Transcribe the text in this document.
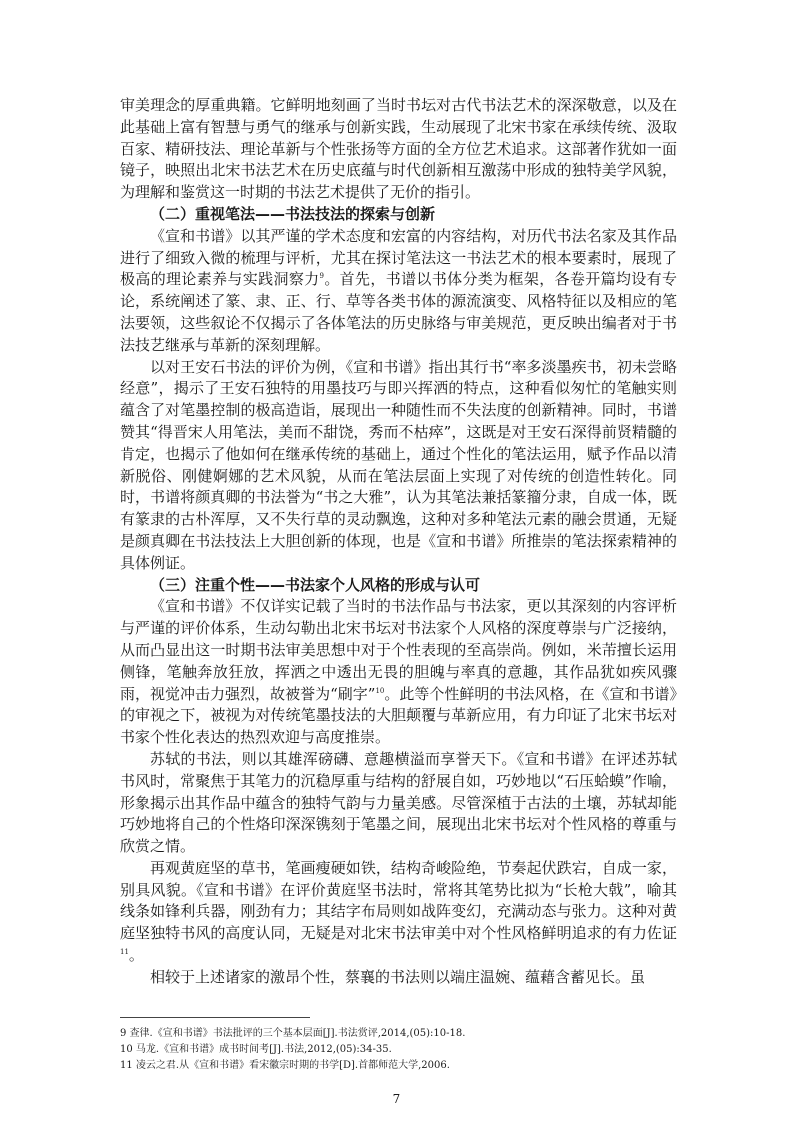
审美理念的厚重典籍。它鲜明地刻画了当时书坛对古代书法艺术的深深敬意，以及在此基础上富有智慧与勇气的继承与创新实践，生动展现了北宋书家在承续传统、汲取百家、精研技法、理论革新与个性张扬等方面的全方位艺术追求。这部著作犹如一面镜子，映照出北宋书法艺术在历史底蕴与时代创新相互激荡中形成的独特美学风貌，为理解和鉴赏这一时期的书法艺术提供了无价的指引。

（二）重视笔法——书法技法的探索与创新

《宣和书谱》以其严谨的学术态度和宏富的内容结构，对历代书法名家及其作品进行了细致入微的梳理与评析，尤其在探讨笔法这一书法艺术的根本要素时，展现了极高的理论素养与实践洞察力$^9$。首先，书谱以书体分类为框架，各卷开篇均设有专论，系统阐述了篆、隶、正、行、草等各类书体的源流演变、风格特征以及相应的笔法要领，这些叙论不仅揭示了各体笔法的历史脉络与审美规范，更反映出编者对于书法技艺继承与革新的深刻理解。

以对王安石书法的评价为例，《宣和书谱》指出其行书“率多淡墨疾书，初未尝略经意”，揭示了王安石独特的用墨技巧与即兴挥洒的特点，这种看似匆忙的笔触实则蕴含了对笔墨控制的极高造诣，展现出一种随性而不失法度的创新精神。同时，书谱赞其“得晋宋人用笔法，美而不甜饶，秀而不枯瘁”，这既是对王安石深得前贤精髓的肯定，也揭示了他如何在继承传统的基础上，通过个性化的笔法运用，赋予作品以清新脱俗、刚健婀娜的艺术风貌，从而在笔法层面上实现了对传统的创造性转化。同时，书谱将颜真卿的书法誉为“书之大雅”，认为其笔法兼括篆籀分隶，自成一体，既有篆隶的古朴浑厚，又不失行草的灵动飘逸，这种对多种笔法元素的融会贯通，无疑是颜真卿在书法技法上大胆创新的体现，也是《宣和书谱》所推崇的笔法探索精神的具体例证。

（三）注重个性——书法家个人风格的形成与认可

《宣和书谱》不仅详实记载了当时的书法作品与书法家，更以其深刻的内容评析与严谨的评价体系，生动勾勒出北宋书坛对书法家个人风格的深度尊崇与广泛接纳，从而凸显出这一时期书法审美思想中对于个性表现的至高崇尚。例如，米芾擅长运用侧锋，笔触奔放狂放，挥洒之中透出无畏的胆魄与率真的意趣，其作品犹如疾风骤雨，视觉冲击力强烈，故被誉为“刷字”$^{10}$。此等个性鲜明的书法风格，在《宣和书谱》的审视之下，被视为对传统笔墨技法的大胆颠覆与革新应用，有力印证了北宋书坛对书家个性化表达的热烈欢迎与高度推崇。

苏轼的书法，则以其雄浑磅礴、意趣横溢而享誉天下。《宣和书谱》在评述苏轼书风时，常聚焦于其笔力的沉稳厚重与结构的舒展自如，巧妙地以“石压蛤蟆”作喻，形象揭示出其作品中蕴含的独特气韵与力量美感。尽管深植于古法的土壤，苏轼却能巧妙地将自己的个性烙印深深镌刻于笔墨之间，展现出北宋书坛对个性风格的尊重与欣赏之情。

再观黄庭坚的草书，笔画瘦硬如铁，结构奇峻险绝，节奏起伏跌宕，自成一家，别具风貌。《宣和书谱》在评价黄庭坚书法时，常将其笔势比拟为“长枪大戟”，喻其线条如锋利兵器，刚劲有力；其结字布局则如战阵变幻，充满动态与张力。这种对黄庭坚独特书风的高度认同，无疑是对北宋书法审美中对个性风格鲜明追求的有力佐证$^{11}$。

相较于上述诸家的激昂个性，蔡襄的书法则以端庄温婉、蕴藉含蓄见长。虽

9 查律.《宣和书谱》书法批评的三个基本层面[J].书法赏评,2014,(05):10-18.

10 马龙.《宣和书谱》成书时间考[J].书法,2012,(05):34-35.

11 凌云之君.从《宣和书谱》看宋徽宗时期的书学[D].首都师范大学,2006.

7
